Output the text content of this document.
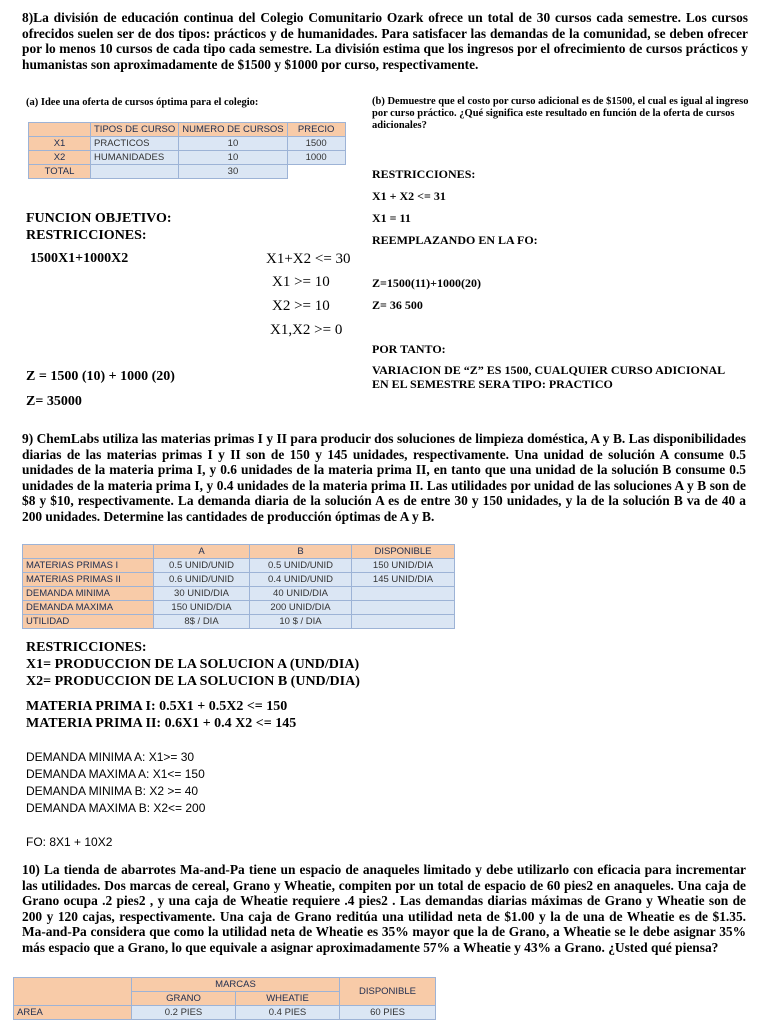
8)La división de educación continua del Colegio Comunitario Ozark ofrece un total de 30 cursos cada semestre. Los cursos ofrecidos suelen ser de dos tipos: prácticos y de humanidades. Para satisfacer las demandas de la comunidad, se deben ofrecer por lo menos 10 cursos de cada tipo cada semestre. La división estima que los ingresos por el ofrecimiento de cursos prácticos y humanistas son aproximadamente de $1500 y $1000 por curso, respectivamente.
(a) Idee una oferta de cursos óptima para el colegio:	(b) Demuestre que el costo por curso adicional es de $1500, el cual es igual al ingreso por curso práctico. ¿Qué significa este resultado en función de la oferta de cursos adicionales?
	TIPOS DE CURSO	NUMERO DE CURSOS	PRECIO
X1	PRACTICOS	10	1500
X2	HUMANIDADES	10	1000
TOTAL		30	
FUNCION OBJETIVO:
RESTRICCIONES:
1500X1+1000X2	X1+X2 <= 30
X1 >= 10
X2 >= 10
X1,X2 >= 0
Z = 1500 (10) + 1000 (20)
Z= 35000
RESTRICCIONES:
X1 + X2 <= 31
X1 = 11
REEMPLAZANDO EN LA FO:
Z=1500(11)+1000(20)
Z= 36 500
POR TANTO:
VARIACION DE “Z” ES 1500, CUALQUIER CURSO ADICIONAL EN EL SEMESTRE SERA TIPO: PRACTICO
9) ChemLabs utiliza las materias primas I y II para producir dos soluciones de limpieza doméstica, A y B. Las disponibilidades diarias de las materias primas I y II son de 150 y 145 unidades, respectivamente. Una unidad de solución A consume 0.5 unidades de la materia prima I, y 0.6 unidades de la materia prima II, en tanto que una unidad de la solución B consume 0.5 unidades de la materia prima I, y 0.4 unidades de la materia prima II. Las utilidades por unidad de las soluciones A y B son de $8 y $10, respectivamente. La demanda diaria de la solución A es de entre 30 y 150 unidades, y la de la solución B va de 40 a 200 unidades. Determine las cantidades de producción óptimas de A y B.
	A	B	DISPONIBLE
MATERIAS PRIMAS I	0.5 UNID/UNID	0.5 UNID/UNID	150 UNID/DIA
MATERIAS PRIMAS II	0.6 UNID/UNID	0.4 UNID/UNID	145 UNID/DIA
DEMANDA MINIMA	30 UNID/DIA	40 UNID/DIA	
DEMANDA MAXIMA	150 UNID/DIA	200 UNID/DIA	
UTILIDAD	8$ / DIA	10 $ / DIA	
RESTRICCIONES:
X1= PRODUCCION DE LA SOLUCION A (UND/DIA)
X2= PRODUCCION DE LA SOLUCION B (UND/DIA)
MATERIA PRIMA I: 0.5X1 + 0.5X2 <= 150
MATERIA PRIMA II: 0.6X1 + 0.4 X2 <= 145
DEMANDA MINIMA A: X1>= 30
DEMANDA MAXIMA A: X1<= 150
DEMANDA MINIMA B: X2 >= 40
DEMANDA MAXIMA B: X2<= 200
FO: 8X1 + 10X2
10) La tienda de abarrotes Ma-and-Pa tiene un espacio de anaqueles limitado y debe utilizarlo con eficacia para incrementar las utilidades. Dos marcas de cereal, Grano y Wheatie, compiten por un total de espacio de 60 pies2 en anaqueles. Una caja de Grano ocupa .2 pies2 , y una caja de Wheatie requiere .4 pies2 . Las demandas diarias máximas de Grano y Wheatie son de 200 y 120 cajas, respectivamente. Una caja de Grano reditúa una utilidad neta de $1.00 y la de una de Wheatie es de $1.35. Ma-and-Pa considera que como la utilidad neta de Wheatie es 35% mayor que la de Grano, a Wheatie se le debe asignar 35% más espacio que a Grano, lo que equivale a asignar aproximadamente 57% a Wheatie y 43% a Grano. ¿Usted qué piensa?
	MARCAS		DISPONIBLE
	GRANO	WHEATIE	
AREA	0.2 PIES	0.4 PIES	60 PIES
